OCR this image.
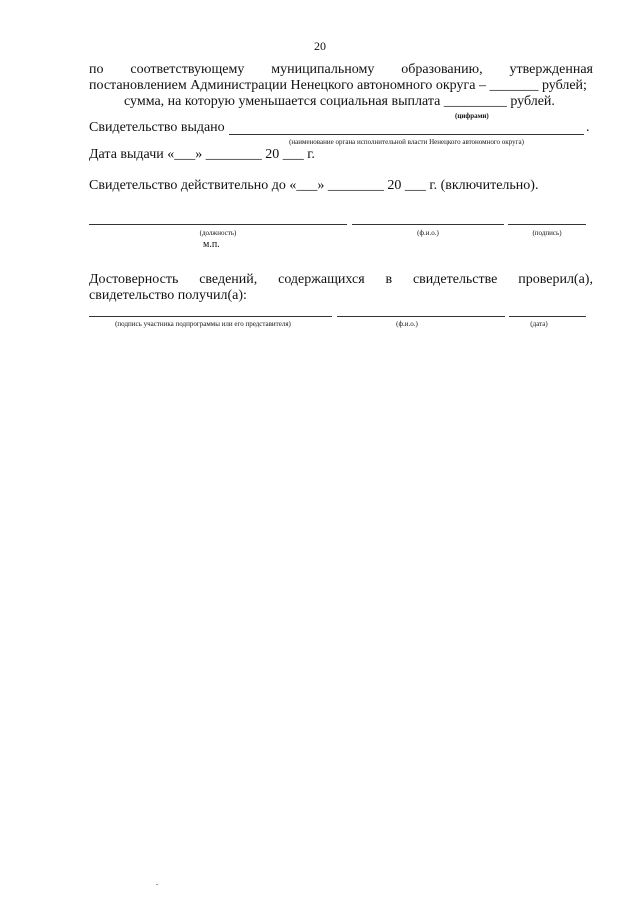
20
по соответствующему муниципальному образованию, утвержденная
постановлением Администрации Ненецкого автономного округа – _______ рублей;
сумма, на которую уменьшается социальная выплата _________ рублей.
(цифрами)
Свидетельство выдано	.
(наименование органа исполнительной власти Ненецкого автономного округа)
Дата выдачи «___» ________ 20 ___ г.
Свидетельство действительно до «___» ________ 20 ___ г. (включительно).
(должность)	(ф.и.о.)	(подпись)
м.п.
Достоверность сведений, содержащихся в свидетельстве проверил(а),
свидетельство получил(а):
(подпись участника подпрограммы или его представителя)	(ф.и.о.)	(дата)
